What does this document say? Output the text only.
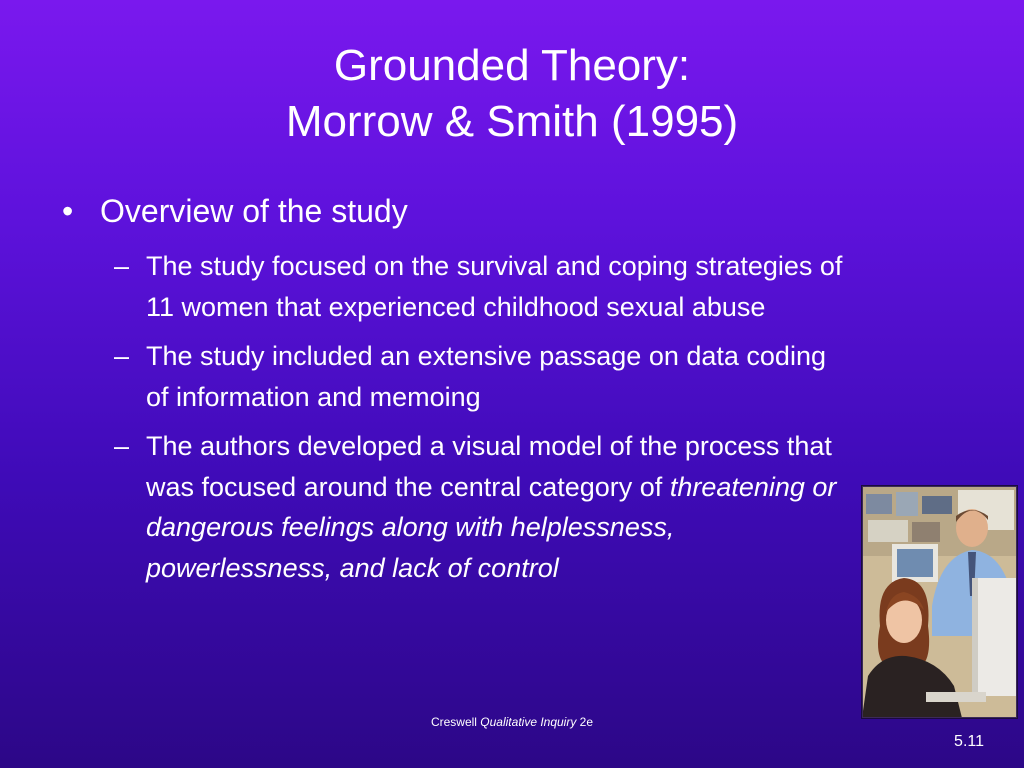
Grounded Theory:
Morrow & Smith (1995)
• Overview of the study
– The study focused on the survival and coping strategies of 11 women that experienced childhood sexual abuse
– The study included an extensive passage on data coding of information and memoing
– The authors developed a visual model of the process that was focused around the central category of threatening or dangerous feelings along with helplessness, powerlessness, and lack of control
Creswell Qualitative Inquiry 2e
5.11
